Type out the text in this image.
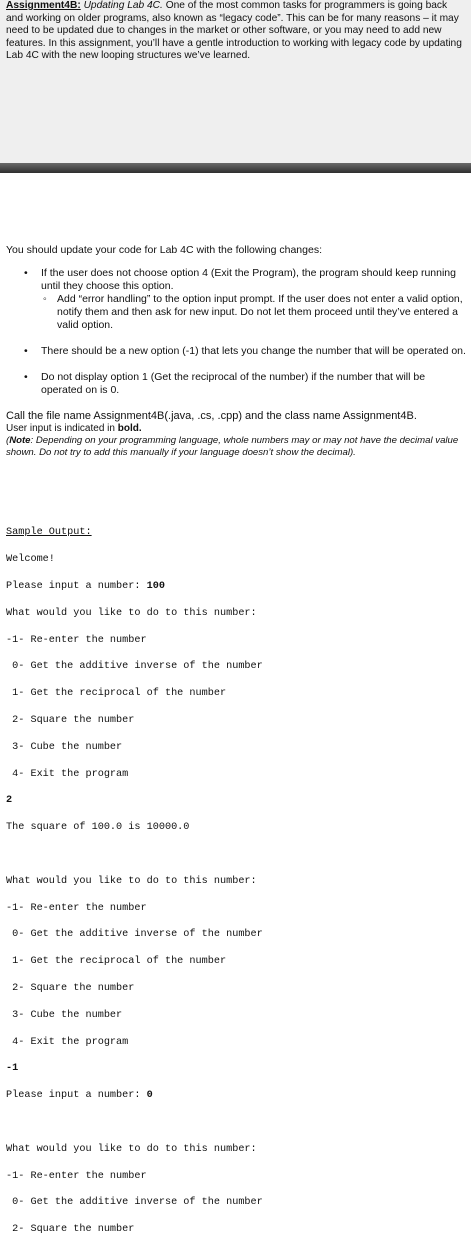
Assignment4B: Updating Lab 4C. One of the most common tasks for programmers is going back and working on older programs, also known as “legacy code”. This can be for many reasons – it may need to be updated due to changes in the market or other software, or you may need to add new features. In this assignment, you’ll have a gentle introduction to working with legacy code by updating Lab 4C with the new looping structures we’ve learned.

You should update your code for Lab 4C with the following changes:

• If the user does not choose option 4 (Exit the Program), the program should keep running until they choose this option.
◦ Add “error handling” to the option input prompt. If the user does not enter a valid option, notify them and then ask for new input. Do not let them proceed until they’ve entered a valid option.
• There should be a new option (-1) that lets you change the number that will be operated on.
• Do not display option 1 (Get the reciprocal of the number) if the number that will be operated on is 0.

Call the file name Assignment4B(.java, .cs, .cpp) and the class name Assignment4B.

User input is indicated in bold.

(Note: Depending on your programming language, whole numbers may or may not have the decimal value shown. Do not try to add this manually if your language doesn’t show the decimal).

Sample Output:

Welcome!

Please input a number: 100

What would you like to do to this number:

-1- Re-enter the number

0- Get the additive inverse of the number

1- Get the reciprocal of the number

2- Square the number

3- Cube the number

4- Exit the program

2

The square of 100.0 is 10000.0

What would you like to do to this number:

-1- Re-enter the number

0- Get the additive inverse of the number

1- Get the reciprocal of the number

2- Square the number

3- Cube the number

4- Exit the program

-1

Please input a number: 0

What would you like to do to this number:

-1- Re-enter the number

0- Get the additive inverse of the number

2- Square the number
